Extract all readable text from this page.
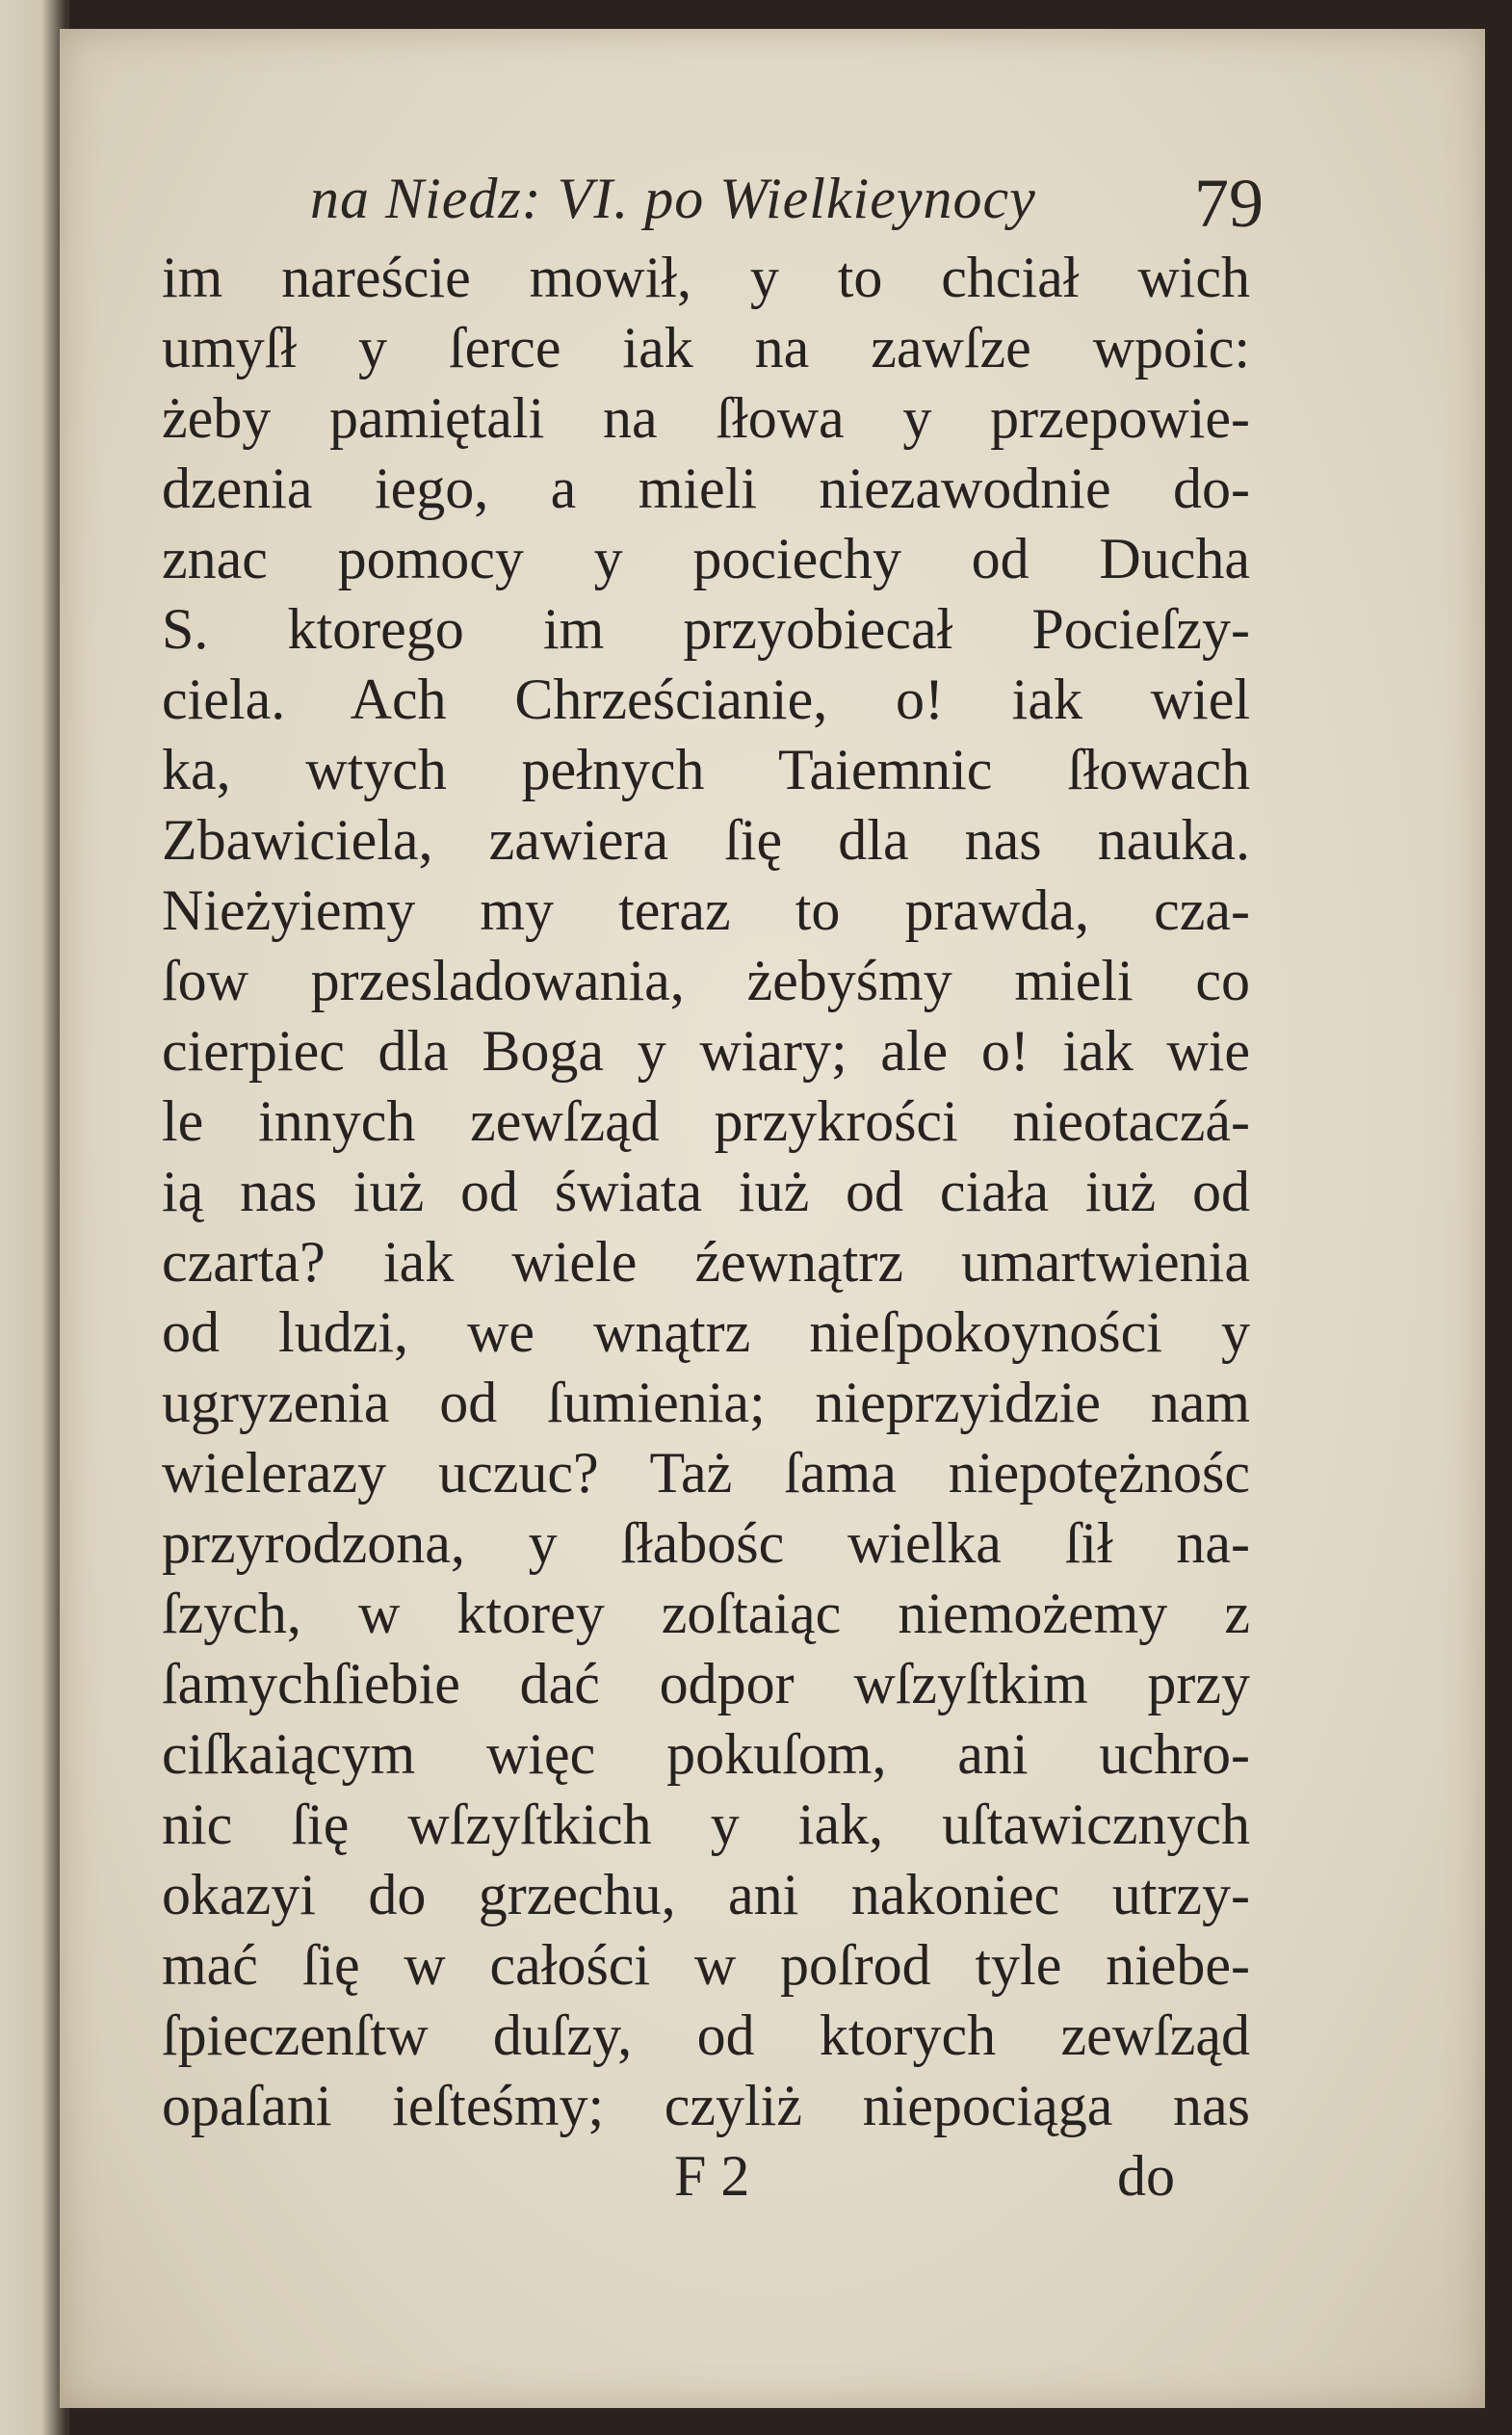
na Niedz: VI. po Wielkieynocy 79
im nareście mowił, y to chciał wich
umyſł y ſerce iak na zawſze wpoic:
żeby pamiętali na ſłowa y przepowie-
dzenia iego, a mieli niezawodnie do-
znac pomocy y pociechy od Ducha
S. ktorego im przyobiecał Pocieſzy-
ciela. Ach Chrześcianie, o! iak wiel
ka, wtych pełnych Taiemnic ſłowach
Zbawiciela, zawiera ſię dla nas nauka.
Nieżyiemy my teraz to prawda, cza-
ſow przesladowania, żebyśmy mieli co
cierpiec dla Boga y wiary; ale o! iak wie
le innych zewſząd przykrości nieotaczá-
ią nas iuż od świata iuż od ciała iuż od
czarta? iak wiele źewnątrz umartwienia
od ludzi, we wnątrz nieſpokoyności y
ugryzenia od ſumienia; nieprzyidzie nam
wielerazy uczuc? Taż ſama niepotężnośc
przyrodzona, y ſłabośc wielka ſił na-
ſzych, w ktorey zoſtaiąc niemożemy z
ſamychſiebie dać odpor wſzyſtkim przy
ciſkaiącym więc pokuſom, ani uchro-
nic ſię wſzyſtkich y iak, uſtawicznych
okazyi do grzechu, ani nakoniec utrzy-
mać ſię w całości w poſrod tyle niebe-
ſpieczenſtw duſzy, od ktorych zewſząd
opaſani ieſteśmy; czyliż niepociąga nas
F 2	do
